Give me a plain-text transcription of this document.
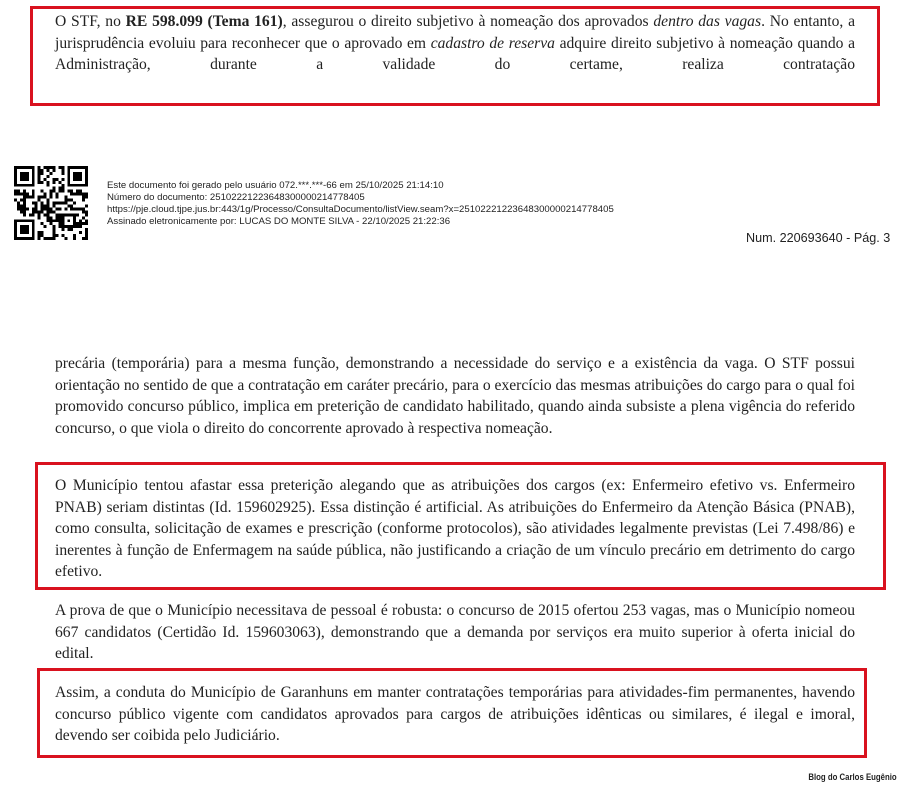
O STF, no RE 598.099 (Tema 161), assegurou o direito subjetivo à nomeação dos aprovados dentro das vagas. No entanto, a jurisprudência evoluiu para reconhecer que o aprovado em cadastro de reserva adquire direito subjetivo à nomeação quando a Administração, durante a validade do certame, realiza contratação

Este documento foi gerado pelo usuário 072.***.***-66 em 25/10/2025 21:14:10
Número do documento: 25102221223648300000214778405
https://pje.cloud.tjpe.jus.br:443/1g/Processo/ConsultaDocumento/listView.seam?x=25102221223648300000214778405
Assinado eletronicamente por: LUCAS DO MONTE SILVA - 22/10/2025 21:22:36
Num. 220693640 - Pág. 3

precária (temporária) para a mesma função, demonstrando a necessidade do serviço e a existência da vaga. O STF possui orientação no sentido de que a contratação em caráter precário, para o exercício das mesmas atribuições do cargo para o qual foi promovido concurso público, implica em preterição de candidato habilitado, quando ainda subsiste a plena vigência do referido concurso, o que viola o direito do concorrente aprovado à respectiva nomeação.

O Município tentou afastar essa preterição alegando que as atribuições dos cargos (ex: Enfermeiro efetivo vs. Enfermeiro PNAB) seriam distintas (Id. 159602925). Essa distinção é artificial. As atribuições do Enfermeiro da Atenção Básica (PNAB), como consulta, solicitação de exames e prescrição (conforme protocolos), são atividades legalmente previstas (Lei 7.498/86) e inerentes à função de Enfermagem na saúde pública, não justificando a criação de um vínculo precário em detrimento do cargo efetivo.

A prova de que o Município necessitava de pessoal é robusta: o concurso de 2015 ofertou 253 vagas, mas o Município nomeou 667 candidatos (Certidão Id. 159603063), demonstrando que a demanda por serviços era muito superior à oferta inicial do edital.

Assim, a conduta do Município de Garanhuns em manter contratações temporárias para atividades-fim permanentes, havendo concurso público vigente com candidatos aprovados para cargos de atribuições idênticas ou similares, é ilegal e imoral, devendo ser coibida pelo Judiciário.

Blog do Carlos Eugênio
